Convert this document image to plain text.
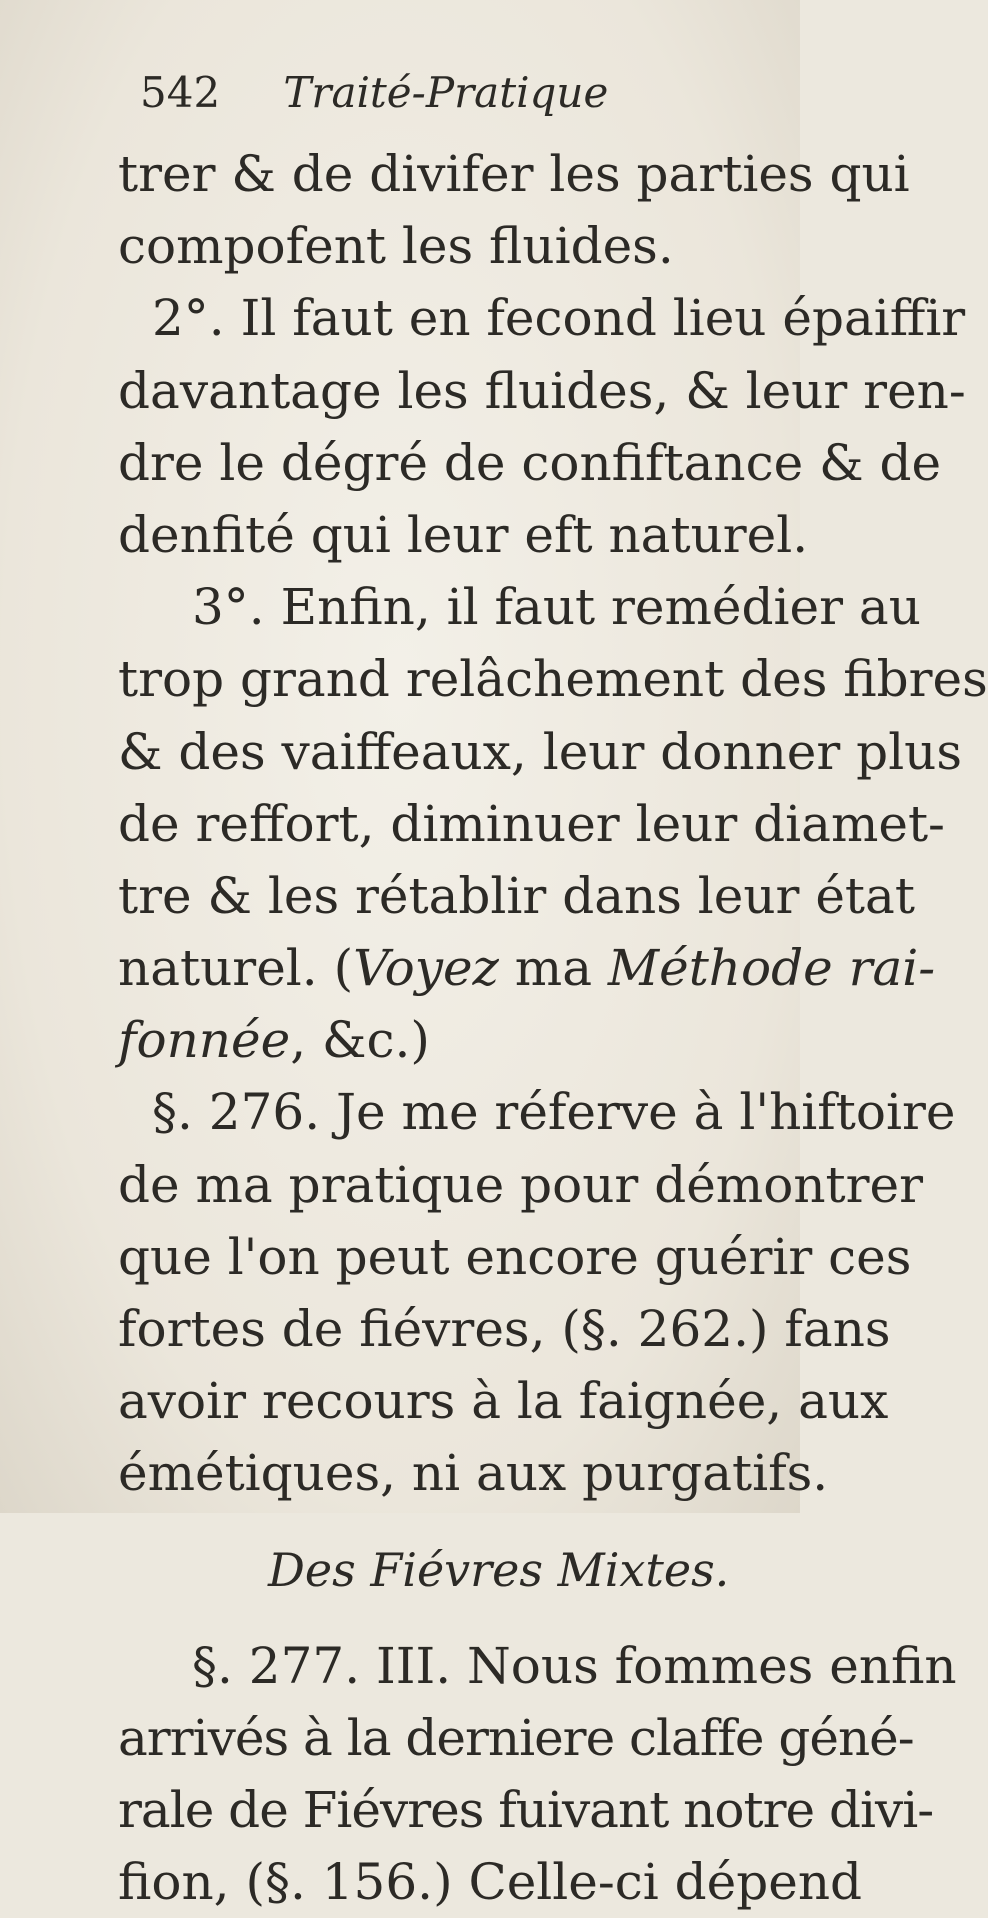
542 Traité-Pratique
trer & de divifer les parties qui
compofent les fluides.
2°. Il faut en fecond lieu épaiffir
davantage les fluides, & leur ren-
dre le dégré de confiftance & de
denfité qui leur eft naturel.
3°. Enfin, il faut remédier au
trop grand relâchement des fibres
& des vaiffeaux, leur donner plus
de reffort, diminuer leur diamet-
tre & les rétablir dans leur état
naturel. (Voyez ma Méthode rai-
fonnée, &c.)
§. 276. Je me réferve à l'hiftoire
de ma pratique pour démontrer
que l'on peut encore guérir ces
fortes de fiévres, (§. 262.) fans
avoir recours à la faignée, aux
émétiques, ni aux purgatifs.
Des Fiévres Mixtes.
§. 277. III. Nous fommes enfin
arrivés à la derniere claffe géné-
rale de Fiévres fuivant notre divi-
fion, (§. 156.) Celle-ci dépend
